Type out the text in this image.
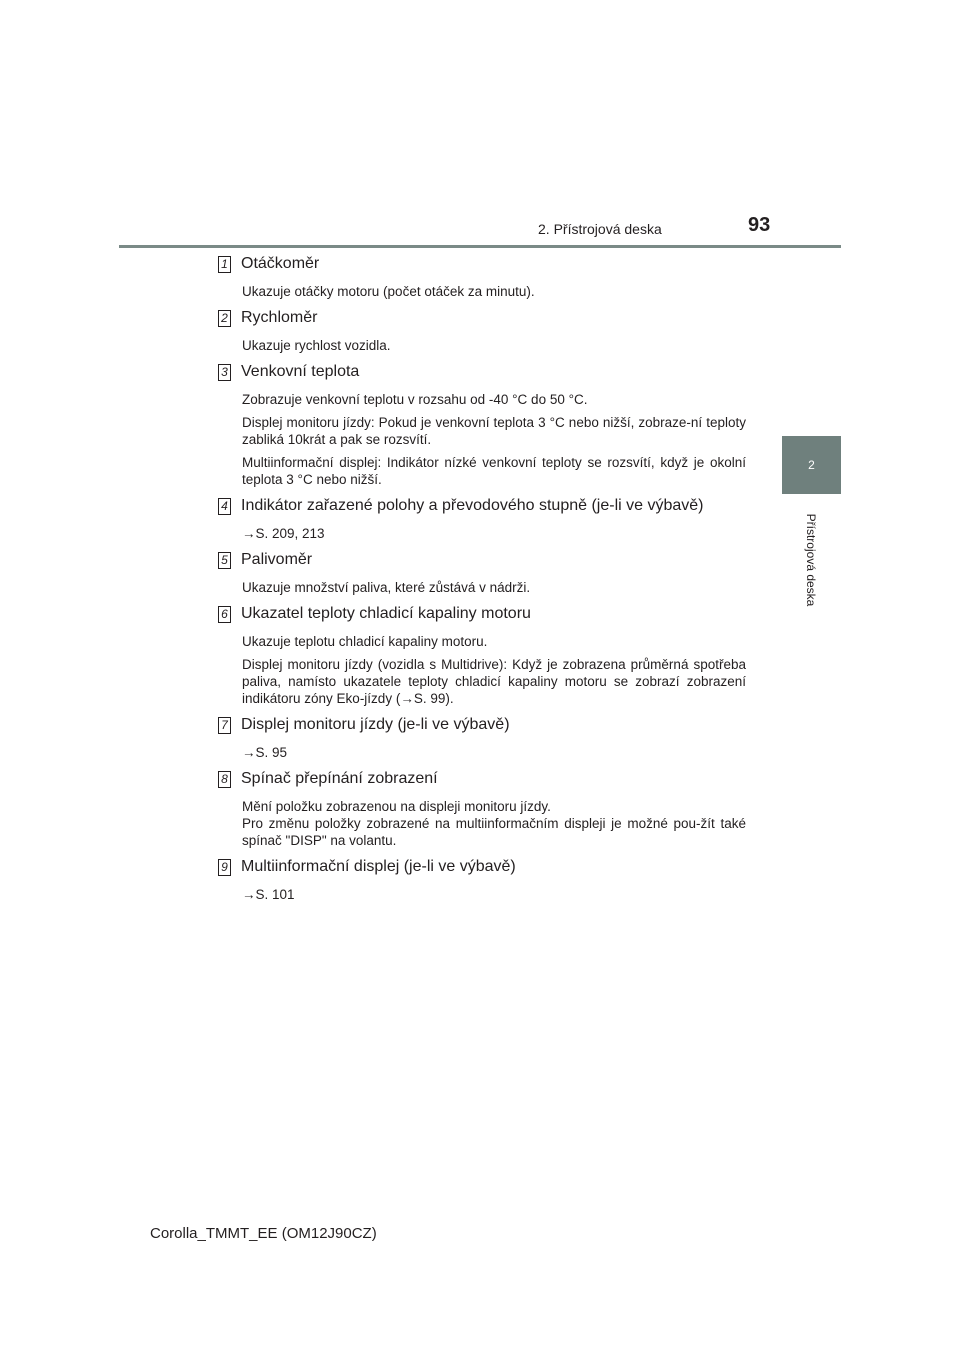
2. Přístrojová deska	93
2
Přístrojová deska
1 Otáčkoměr

Ukazuje otáčky motoru (počet otáček za minutu).

2 Rychloměr

Ukazuje rychlost vozidla.

3 Venkovní teplota

Zobrazuje venkovní teplotu v rozsahu od -40 °C do 50 °C.

Displej monitoru jízdy: Pokud je venkovní teplota 3 °C nebo nižší, zobraze-ní teploty zabliká 10krát a pak se rozsvítí.

Multiinformační displej: Indikátor nízké venkovní teploty se rozsvítí, když je okolní teplota 3 °C nebo nižší.

4 Indikátor zařazené polohy a převodového stupně (je-li ve výbavě)

→S. 209, 213

5 Palivoměr

Ukazuje množství paliva, které zůstává v nádrži.

6 Ukazatel teploty chladicí kapaliny motoru

Ukazuje teplotu chladicí kapaliny motoru.

Displej monitoru jízdy (vozidla s Multidrive): Když je zobrazena průměrná spotřeba paliva, namísto ukazatele teploty chladicí kapaliny motoru se zobrazí zobrazení indikátoru zóny Eko-jízdy (→S. 99).

7 Displej monitoru jízdy (je-li ve výbavě)

→S. 95

8 Spínač přepínání zobrazení

Mění položku zobrazenou na displeji monitoru jízdy.

Pro změnu položky zobrazené na multiinformačním displeji je možné pou-žít také spínač "DISP" na volantu.

9 Multiinformační displej (je-li ve výbavě)

→S. 101

Corolla_TMMT_EE (OM12J90CZ)
